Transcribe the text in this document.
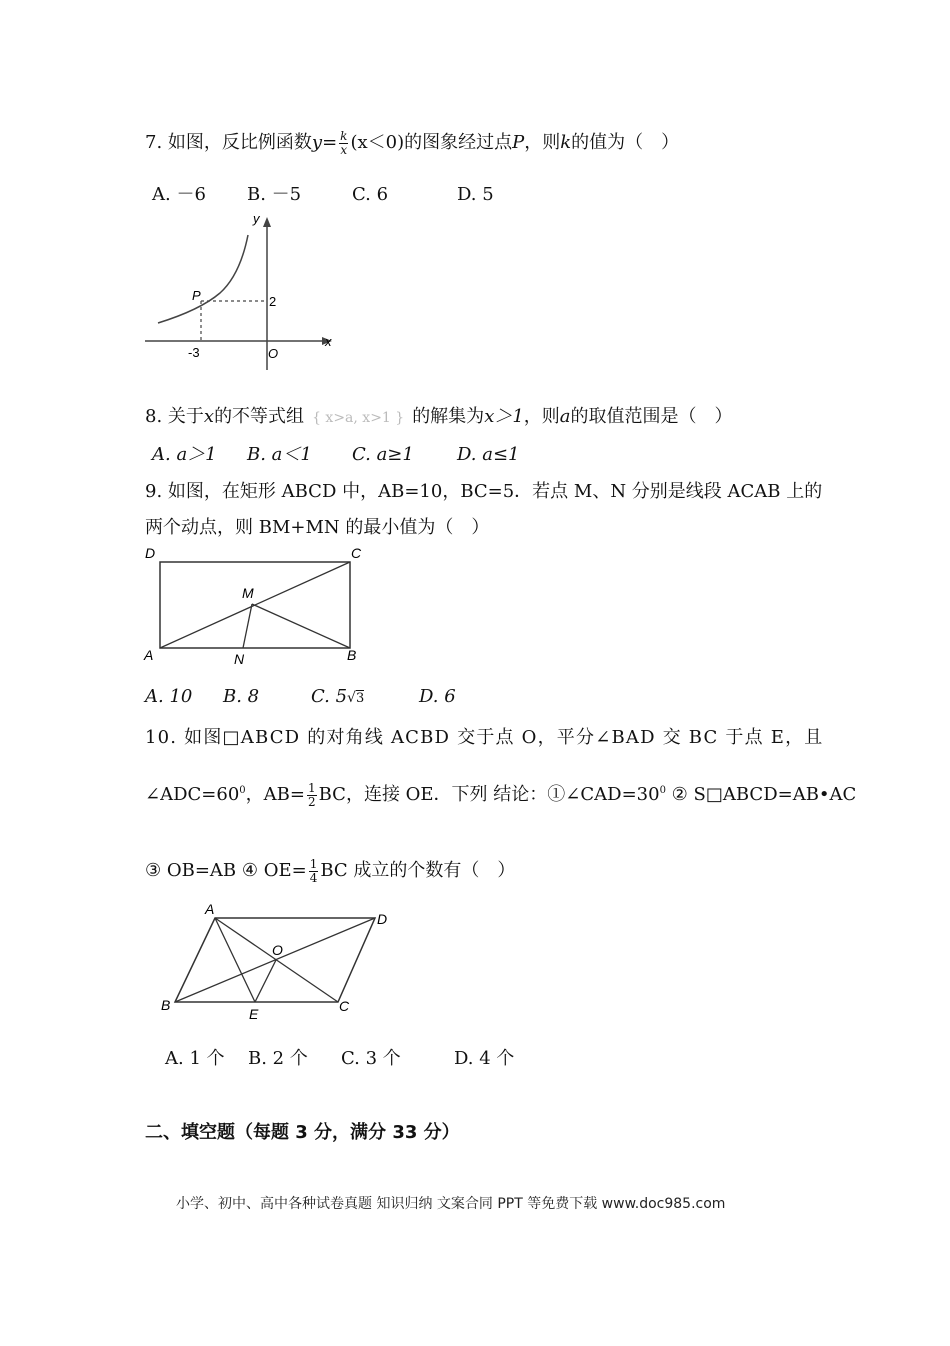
7. 如图，反比例函数$y= \frac{k}{x} (x<0)$的图象经过点P，则k的值为（　）
A. －6 B. －5	C. 6	D. 5
y
x
P	2
-3	O
8. 关于x的不等式组 { x>a, x>1 } 的解集为x＞1，则a的取值范围是（　）
A. a＞1 B. a＜1 C. a≥1 D. a≤1
9. 如图，在矩形 ABCD 中，AB=10，BC=5．若点 M、N 分别是线段 ACAB 上的
两个动点，则 BM+MN 的最小值为（　）
D	C
A	B
M
N
A. 10 B. 8	C. 5√3	D. 6
10. 如图□ABCD 的对角线 ACBD 交于点 O，平分∠BAD 交 BC 于点 E，且
$\angle ADC=60^0$，$AB= \frac{1}{2}$ BC，连接 OE．下列 结论：$①\angle CAD=30^0$ ② S□ABCD=AB•AC
③ OB=AB ④ $OE= \frac{1}{4}$ BC 成立的个数有（　）
A
D
O
B
E	C
A. 1 个 B. 2 个 C. 3 个	D. 4 个
二、填空题（每题 3 分，满分 33 分）
小学、初中、高中各种试卷真题 知识归纳 文案合同 PPT 等免费下载 www.doc985.com
